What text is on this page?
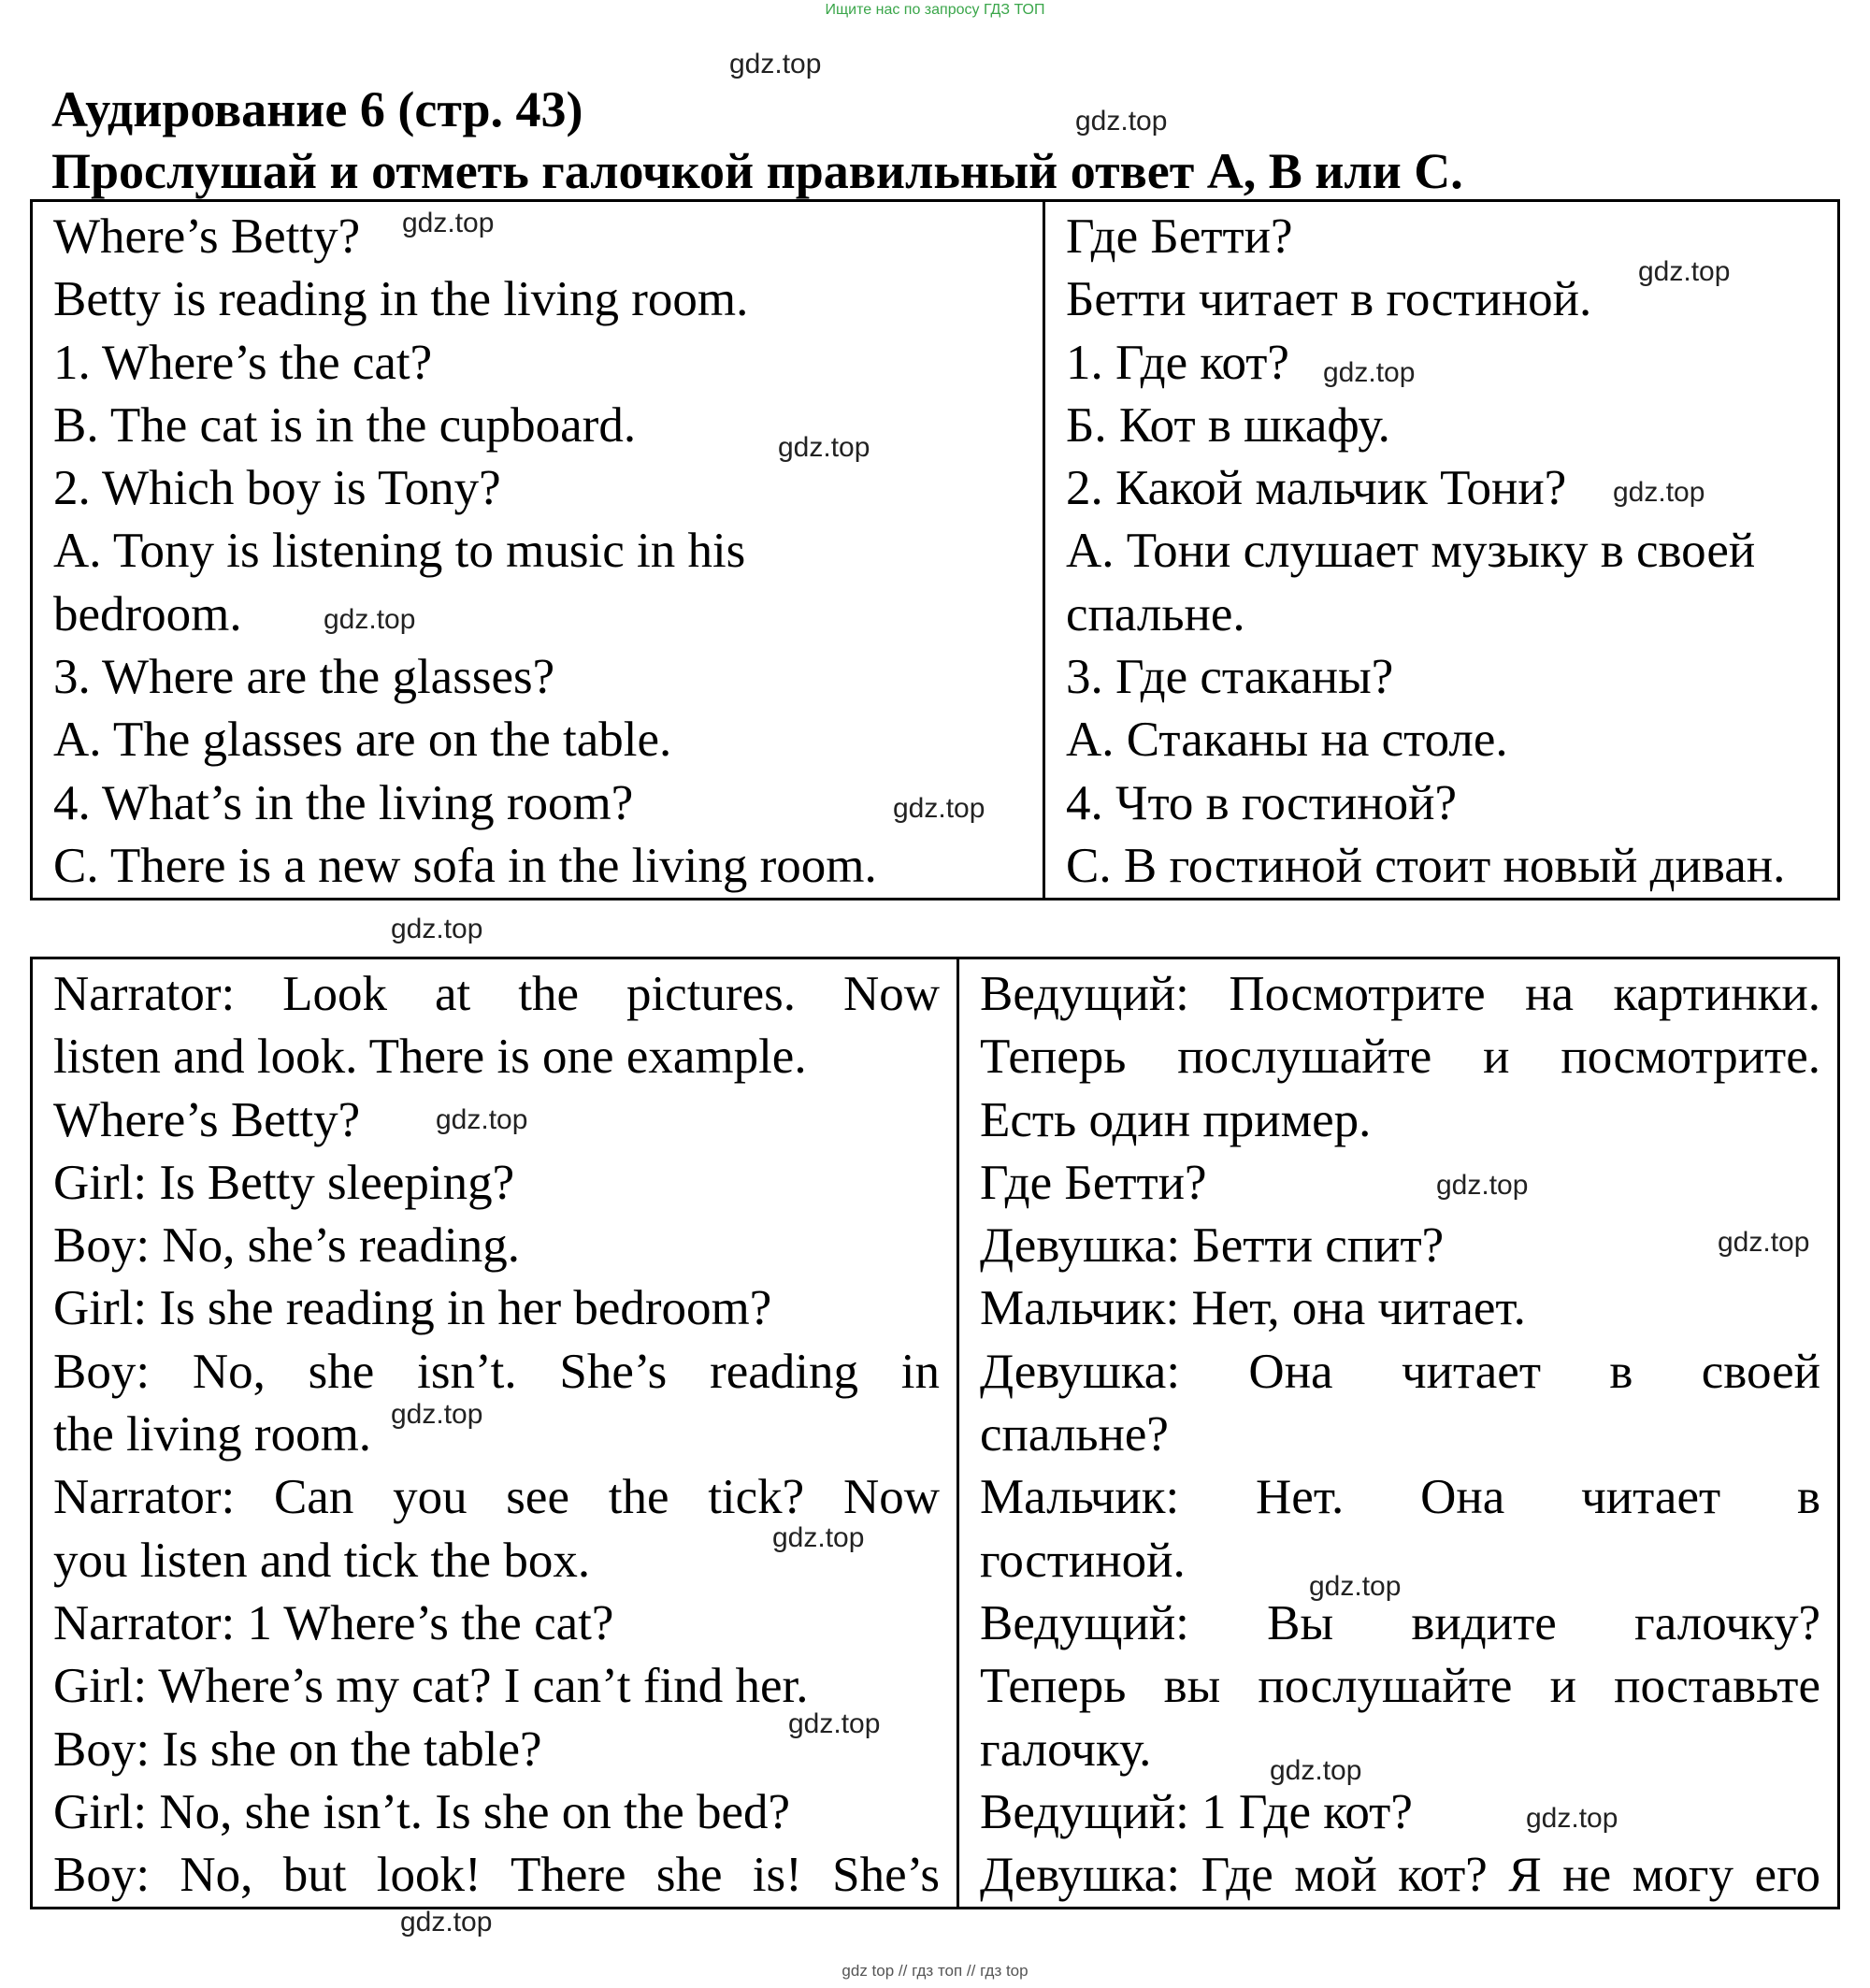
Ищите нас по запросу ГДЗ ТОП
Аудирование 6 (стр. 43)
Прослушай и отметь галочкой правильный ответ А, В или С.
Where’s Betty?
Betty is reading in the living room.
1. Where’s the cat?
B. The cat is in the cupboard.
2. Which boy is Tony?
A. Tony is listening to music in his
bedroom.
3. Where are the glasses?
A. The glasses are on the table.
4. What’s in the living room?
C. There is a new sofa in the living room.

Где Бетти?
Бетти читает в гостиной.
1. Где кот?
Б. Кот в шкафу.
2. Какой мальчик Тони?
А. Тони слушает музыку в своей
спальне.
3. Где стаканы?
А. Стаканы на столе.
4. Что в гостиной?
С. В гостиной стоит новый диван.
Narrator: Look at the pictures. Now
listen and look. There is one example.
Where’s Betty?
Girl: Is Betty sleeping?
Boy: No, she’s reading.
Girl: Is she reading in her bedroom?
Boy: No, she isn’t. She’s reading in
the living room.
Narrator: Can you see the tick? Now
you listen and tick the box.
Narrator: 1 Where’s the cat?
Girl: Where’s my cat? I can’t find her.
Boy: Is she on the table?
Girl: No, she isn’t. Is she on the bed?
Boy: No, but look! There she is! She’s

Ведущий: Посмотрите на картинки.
Теперь послушайте и посмотрите.
Есть один пример.
Где Бетти?
Девушка: Бетти спит?
Мальчик: Нет, она читает.
Девушка: Она читает в своей
спальне?
Мальчик: Нет. Она читает в
гостиной.
Ведущий: Вы видите галочку?
Теперь вы послушайте и поставьте
галочку.
Ведущий: 1 Где кот?
Девушка: Где мой кот? Я не могу его
gdz.top
gdz.top
gdz.top
gdz.top
gdz.top
gdz.top
gdz.top
gdz.top
gdz.top
gdz.top
gdz.top
gdz.top
gdz.top
gdz.top
gdz.top
gdz.top
gdz.top
gdz.top
gdz.top
gdz.top
gdz top // гдз топ // гдз top
